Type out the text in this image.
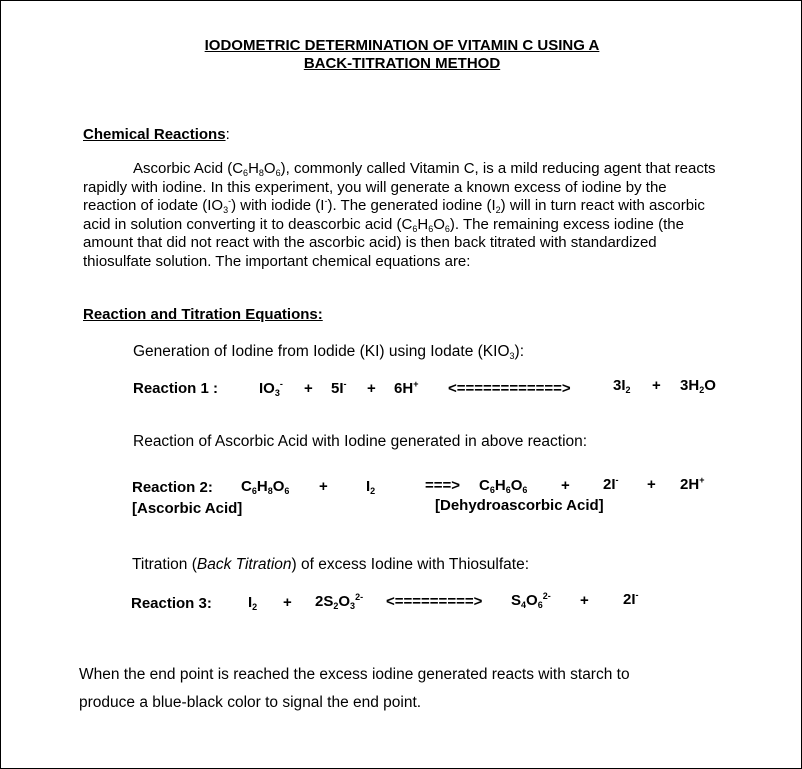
IODOMETRIC DETERMINATION OF VITAMIN C USING A
BACK-TITRATION METHOD
Chemical Reactions:
Ascorbic Acid $(C_6H_8O_6)$, commonly called Vitamin C, is a mild reducing agent that reacts rapidly with iodine. In this experiment, you will generate a known excess of iodine by the reaction of iodate $(IO_3^-)$ with iodide (I-). The generated iodine $(I_2)$ will in turn react with ascorbic acid in solution converting it to deascorbic acid $(C_6H_6O_6)$. The remaining excess iodine (the amount that did not react with the ascorbic acid) is then back titrated with standardized thiosulfate solution. The important chemical equations are:
Reaction and Titration Equations:
Generation of Iodine from Iodide (KI) using Iodate $(KIO_3)$:
Reaction 1 :	$IO_3^- + 5I^- + 6H^+$ <============>	$3I_2 + 3H_2O$
Reaction of Ascorbic Acid with Iodine generated in above reaction:
Reaction 2: $C_6H_8O_6$ +	$I_2$	===> $C_6H_6O_6 + 2I^- + 2H^+$
[Ascorbic Acid]	[Dehydroascorbic Acid]
Titration (Back Titration) of excess Iodine with Thiosulfate:
Reaction 3: $I_2 + 2S_2O_3^{2-}$ <=========> $S_4O_6^{2-} + 2I^-$
When the end point is reached the excess iodine generated reacts with starch to
produce a blue-black color to signal the end point.
